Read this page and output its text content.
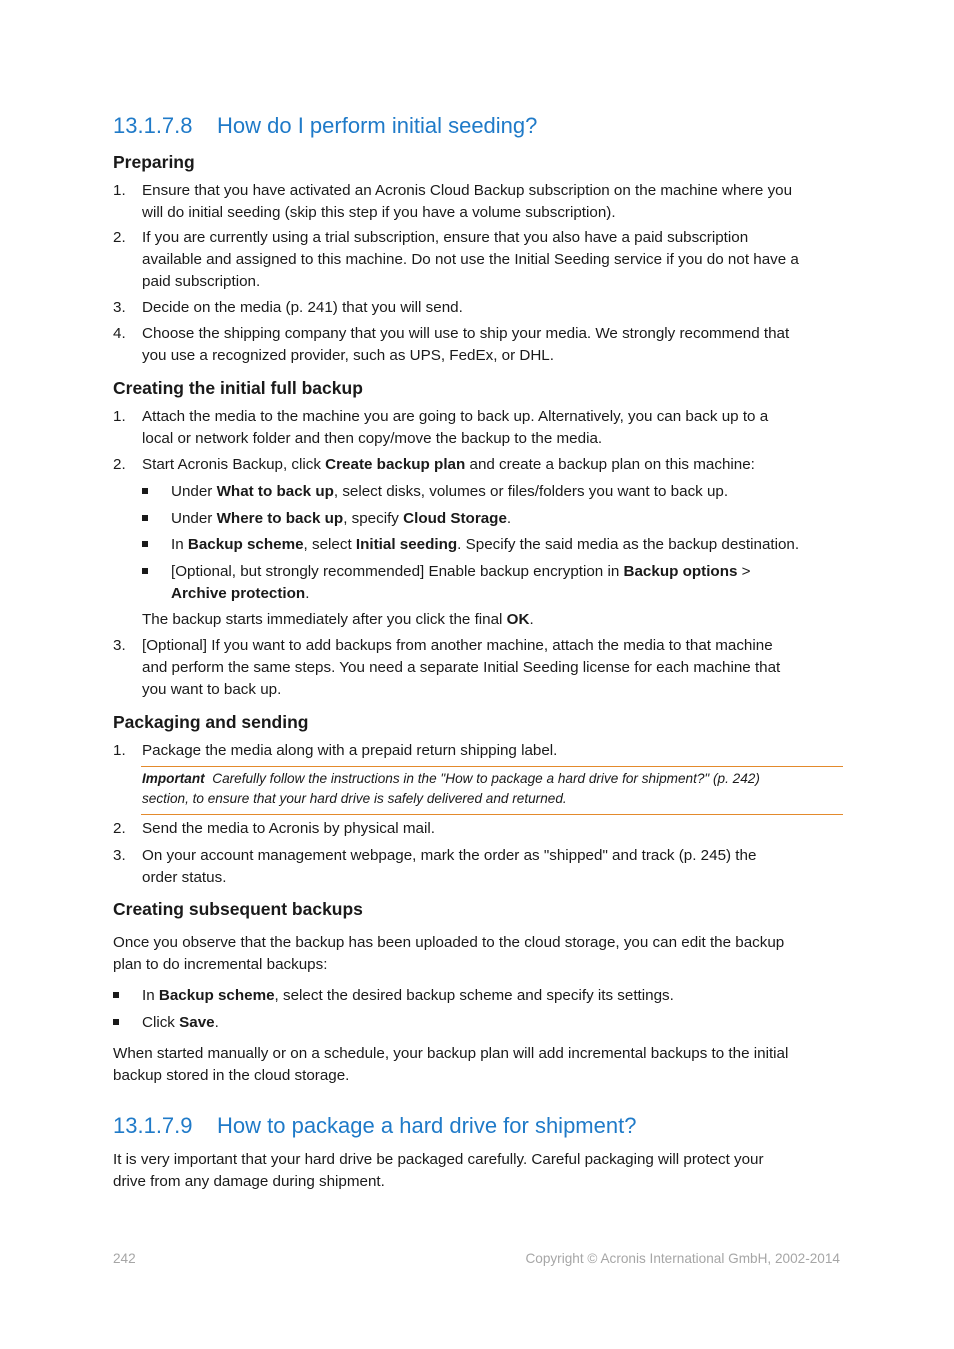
13.1.7.8 How do I perform initial seeding?
Preparing
1. Ensure that you have activated an Acronis Cloud Backup subscription on the machine where you
will do initial seeding (skip this step if you have a volume subscription).
2. If you are currently using a trial subscription, ensure that you also have a paid subscription
available and assigned to this machine. Do not use the Initial Seeding service if you do not have a
paid subscription.
3. Decide on the media (p. 241) that you will send.
4. Choose the shipping company that you will use to ship your media. We strongly recommend that
you use a recognized provider, such as UPS, FedEx, or DHL.
Creating the initial full backup
1. Attach the media to the machine you are going to back up. Alternatively, you can back up to a
local or network folder and then copy/move the backup to the media.
2. Start Acronis Backup, click Create backup plan and create a backup plan on this machine:
Under What to back up, select disks, volumes or files/folders you want to back up.
Under Where to back up, specify Cloud Storage.
In Backup scheme, select Initial seeding. Specify the said media as the backup destination.
[Optional, but strongly recommended] Enable backup encryption in Backup options >
Archive protection.
The backup starts immediately after you click the final OK.
3. [Optional] If you want to add backups from another machine, attach the media to that machine
and perform the same steps. You need a separate Initial Seeding license for each machine that
you want to back up.
Packaging and sending
1. Package the media along with a prepaid return shipping label.
Important Carefully follow the instructions in the "How to package a hard drive for shipment?" (p. 242)
section, to ensure that your hard drive is safely delivered and returned.
2. Send the media to Acronis by physical mail.
3. On your account management webpage, mark the order as "shipped" and track (p. 245) the
order status.
Creating subsequent backups
Once you observe that the backup has been uploaded to the cloud storage, you can edit the backup
plan to do incremental backups:
In Backup scheme, select the desired backup scheme and specify its settings.
Click Save.
When started manually or on a schedule, your backup plan will add incremental backups to the initial
backup stored in the cloud storage.
13.1.7.9 How to package a hard drive for shipment?
It is very important that your hard drive be packaged carefully. Careful packaging will protect your
drive from any damage during shipment.
242	Copyright © Acronis International GmbH, 2002-2014
